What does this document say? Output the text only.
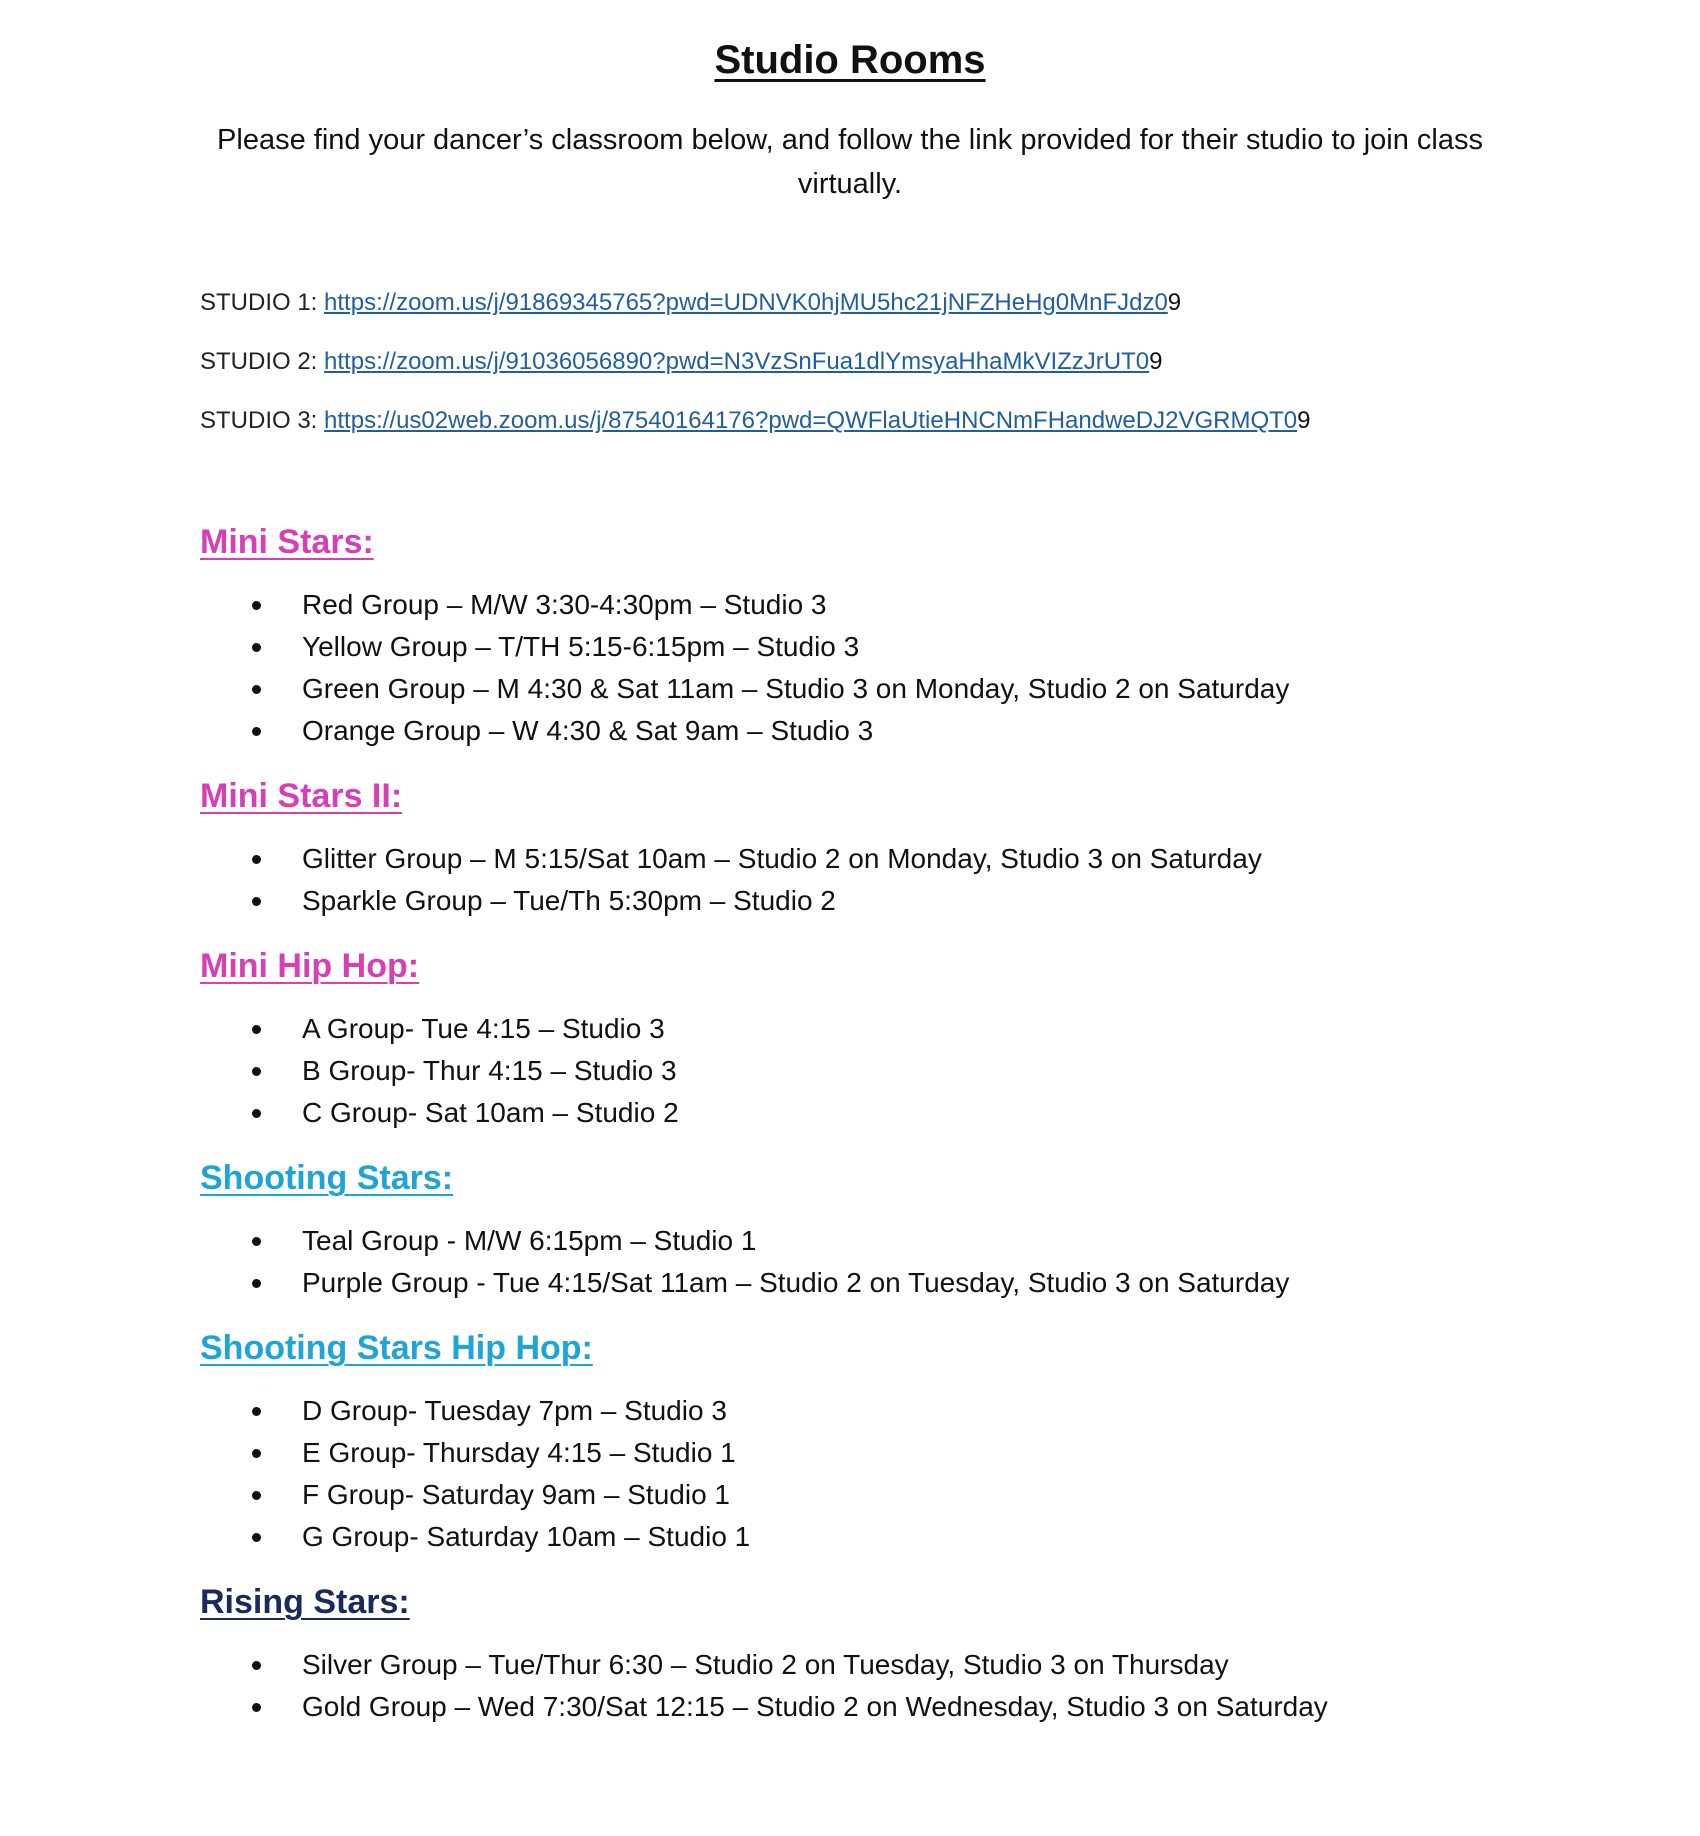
Studio Rooms
Please find your dancer’s classroom below, and follow the link provided for their studio to join class virtually.
STUDIO 1: https://zoom.us/j/91869345765?pwd=UDNVK0hjMU5hc21jNFZHeHg0MnFJdz09
STUDIO 2: https://zoom.us/j/91036056890?pwd=N3VzSnFua1dlYmsyaHhaMkVIZzJrUT09
STUDIO 3: https://us02web.zoom.us/j/87540164176?pwd=QWFlaUtieHNCNmFHandweDJ2VGRMQT09
Mini Stars:
Red Group – M/W 3:30-4:30pm – Studio 3
Yellow Group – T/TH 5:15-6:15pm – Studio 3
Green Group – M 4:30 & Sat 11am – Studio 3 on Monday, Studio 2 on Saturday
Orange Group – W 4:30 & Sat 9am – Studio 3
Mini Stars II:
Glitter Group – M 5:15/Sat 10am – Studio 2 on Monday, Studio 3 on Saturday
Sparkle Group – Tue/Th 5:30pm – Studio 2
Mini Hip Hop:
A Group- Tue 4:15 – Studio 3
B Group- Thur 4:15 – Studio 3
C Group- Sat 10am – Studio 2
Shooting Stars:
Teal Group - M/W 6:15pm – Studio 1
Purple Group - Tue 4:15/Sat 11am – Studio 2 on Tuesday, Studio 3 on Saturday
Shooting Stars Hip Hop:
D Group- Tuesday 7pm – Studio 3
E Group- Thursday 4:15 – Studio 1
F Group- Saturday 9am – Studio 1
G Group- Saturday 10am – Studio 1
Rising Stars:
Silver Group – Tue/Thur 6:30 – Studio 2 on Tuesday, Studio 3 on Thursday
Gold Group – Wed 7:30/Sat 12:15 – Studio 2 on Wednesday, Studio 3 on Saturday
